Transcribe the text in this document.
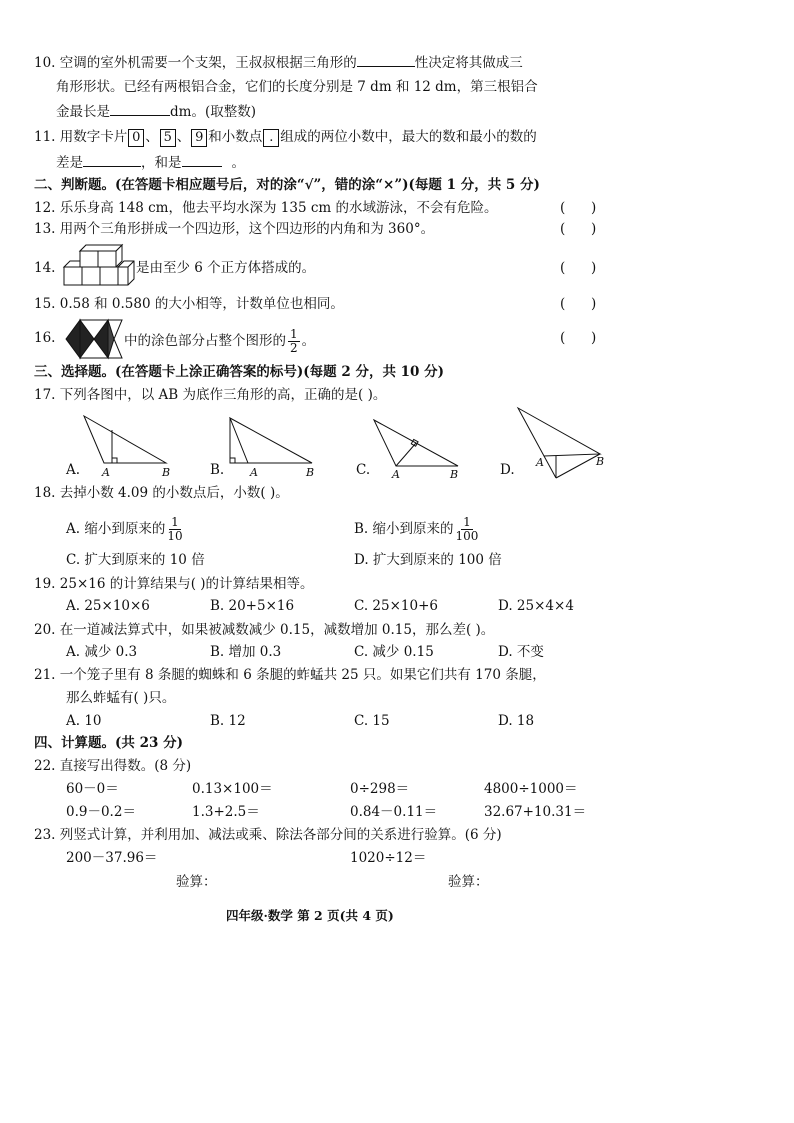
10. 空调的室外机需要一个支架，王叔叔根据三角形的	性决定将其做成三
角形形状。已经有两根铝合金，它们的长度分别是 7 dm 和 12 dm，第三根铝合
金最长是	dm。(取整数)
11. 用数字卡片 0 、 5 、 9 和小数点 . 组成的两位小数中，最大的数和最小的数的
差是	，和是	。
二、判断题。(在答题卡相应题号后，对的涂“√”，错的涂“×”)(每题 1 分，共 5 分)
12. 乐乐身高 148 cm，他去平均水深为 135 cm 的水域游泳，不会有危险。	(      )
13. 用两个三角形拼成一个四边形，这个四边形的内角和为 360°。	(      )
14.	是由至少 6 个正方体搭成的。	(      )
15. 0.58 和 0.580 的大小相等，计数单位也相同。	(      )
16.	中的涂色部分占整个图形的 $\frac{1}{2}$ 。	(      )
三、选择题。(在答题卡上涂正确答案的标号)(每题 2 分，共 10 分)
17. 下列各图中，以 AB 为底作三角形的高，正确的是( )。
A. A	B	B. A	B	C. A	B	D. A	B
18. 去掉小数 4.09 的小数点后，小数( )。
A. 缩小到原来的 $\frac{1}{10}$	B. 缩小到原来的 $\frac{1}{100}$
C. 扩大到原来的 10 倍	D. 扩大到原来的 100 倍
19. 25×16 的计算结果与( )的计算结果相等。
A. 25×10×6	B. 20+5×16	C. 25×10+6	D. 25×4×4
20. 在一道减法算式中，如果被减数减少 0.15，减数增加 0.15，那么差( )。
A. 减少 0.3	B. 增加 0.3	C. 减少 0.15	D. 不变
21. 一个笼子里有 8 条腿的蜘蛛和 6 条腿的蚱蜢共 25 只。如果它们共有 170 条腿，
那么蚱蜢有( )只。
A. 10	B. 12	C. 15	D. 18
四、计算题。(共 23 分)
22. 直接写出得数。(8 分)
60－0＝	0.13×100＝	0÷298＝	4800÷1000＝
0.9－0.2＝	1.3+2.5＝	0.84－0.11＝	32.67+10.31＝
23. 列竖式计算，并利用加、减法或乘、除法各部分间的关系进行验算。(6 分)
200－37.96＝	1020÷12＝
验算：	验算：
四年级·数学 第 2 页(共 4 页)
